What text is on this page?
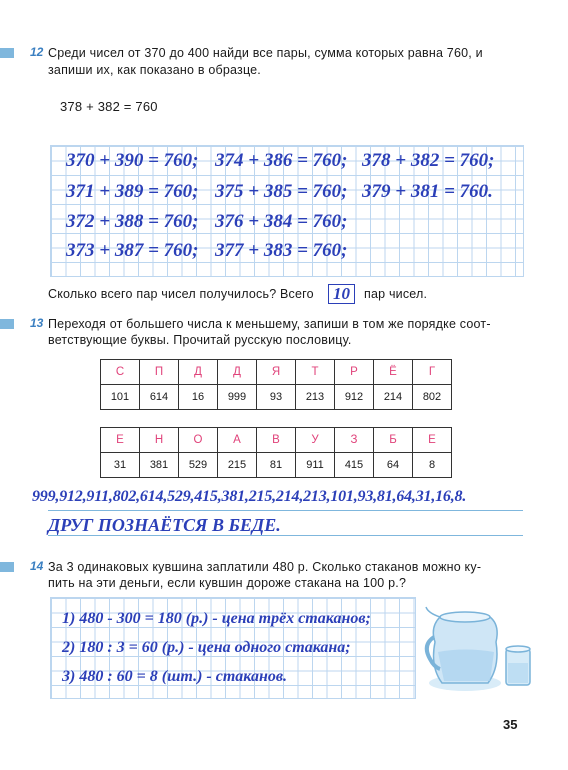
12 Среди чисел от 370 до 400 найди все пары, сумма которых равна 760, и
запиши их, как показано в образце.
378 + 382 = 760
370 + 390 = 760; 374 + 386 = 760; 378 + 382 = 760;
371 + 389 = 760; 375 + 385 = 760; 379 + 381 = 760.
372 + 388 = 760; 376 + 384 = 760;
373 + 387 = 760; 377 + 383 = 760;
Сколько всего пар чисел получилось? Всего 10	пар чисел.
13 Переходя от большего числа к меньшему, запиши в том же порядке соот-
ветствующие буквы. Прочитай русскую пословицу.
С	П	Д	Д	Я	Т	Р	Ё	Г
101	614	16	999	93	213	912	214	802
Е	Н	О	А	В	У	З	Б	Е
31	381	529	215	81	911	415	64	8
999,912,911,802,614,529,415,381,215,214,213,101,93,81,64,31,16,8.
ДРУГ ПОЗНАЁТСЯ В БЕДЕ.
14 За 3 одинаковых кувшина заплатили 480 р. Сколько стаканов можно ку-
пить на эти деньги, если кувшин дороже стакана на 100 р.?
1) 480 - 300 = 180 (р.) - цена трёх стаканов;
2) 180 : 3 = 60 (р.) - цена одного стакана;
3) 480 : 60 = 8 (шт.) - стаканов.
35
